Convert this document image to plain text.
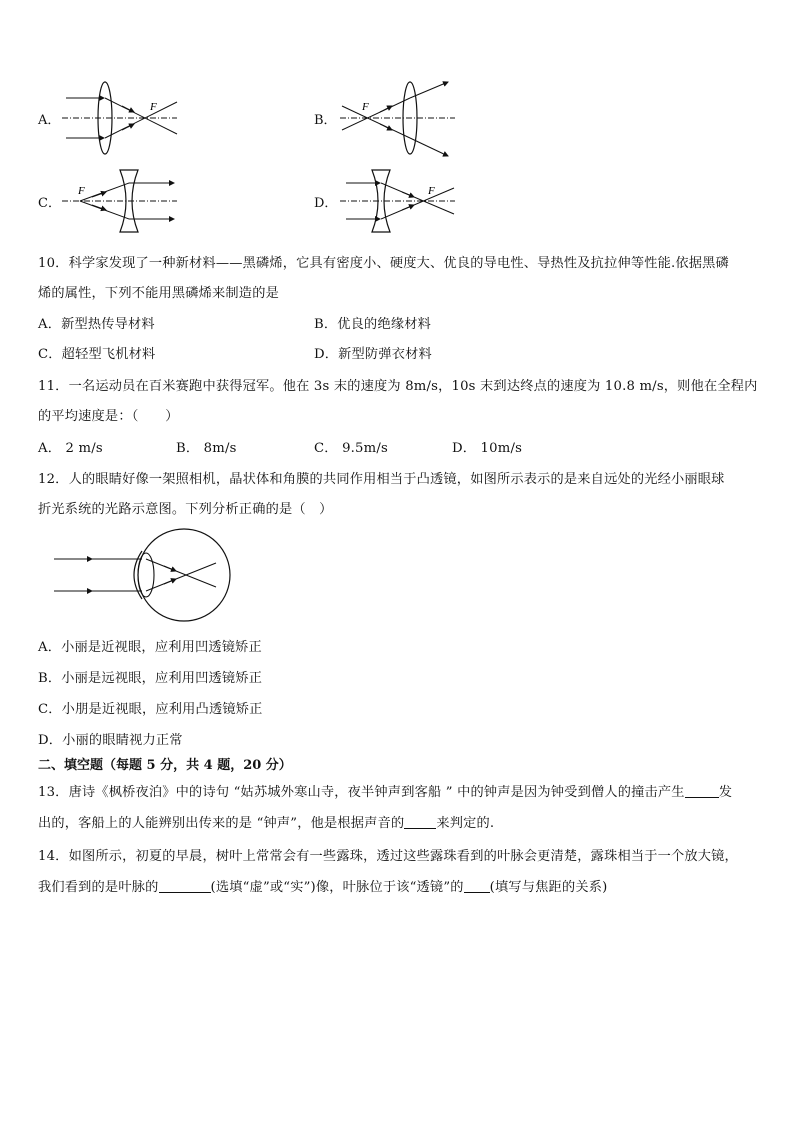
A．
F
B．
F
C．
F
D．
F
10．科学家发现了一种新材料——黑磷烯，它具有密度小、硬度大、优良的导电性、导热性及抗拉伸等性能.依据黑磷
烯的属性，下列不能用黑磷烯来制造的是
A．新型热传导材料	B．优良的绝缘材料
C．超轻型飞机材料	D．新型防弹衣材料
11．一名运动员在百米赛跑中获得冠军。他在 3s 末的速度为 8m/s，10s 末到达终点的速度为 10.8 m/s，则他在全程内
的平均速度是：（　　）
A． 2 m/s	B． 8m/s	C． 9.5m/s	D． 10m/s
12．人的眼睛好像一架照相机，晶状体和角膜的共同作用相当于凸透镜，如图所示表示的是来自远处的光经小丽眼球
折光系统的光路示意图。下列分析正确的是（　）
A．小丽是近视眼，应利用凹透镜矫正
B．小丽是远视眼，应利用凹透镜矫正
C．小朋是近视眼，应利用凸透镜矫正
D．小丽的眼睛视力正常
二、填空题（每题 5 分，共 4 题，20 分）
13．唐诗《枫桥夜泊》中的诗句 “姑苏城外寒山寺，夜半钟声到客船 ” 中的钟声是因为钟受到僧人的撞击产生	发
出的，客船上的人能辨别出传来的是 “钟声”，他是根据声音的 来判定的.
14．如图所示，初夏的早晨，树叶上常常会有一些露珠，透过这些露珠看到的叶脉会更清楚，露珠相当于一个放大镜，
我们看到的是叶脉的	(选填“虚”或“实”)像，叶脉位于该“透镜”的 (填写与焦距的关系)
